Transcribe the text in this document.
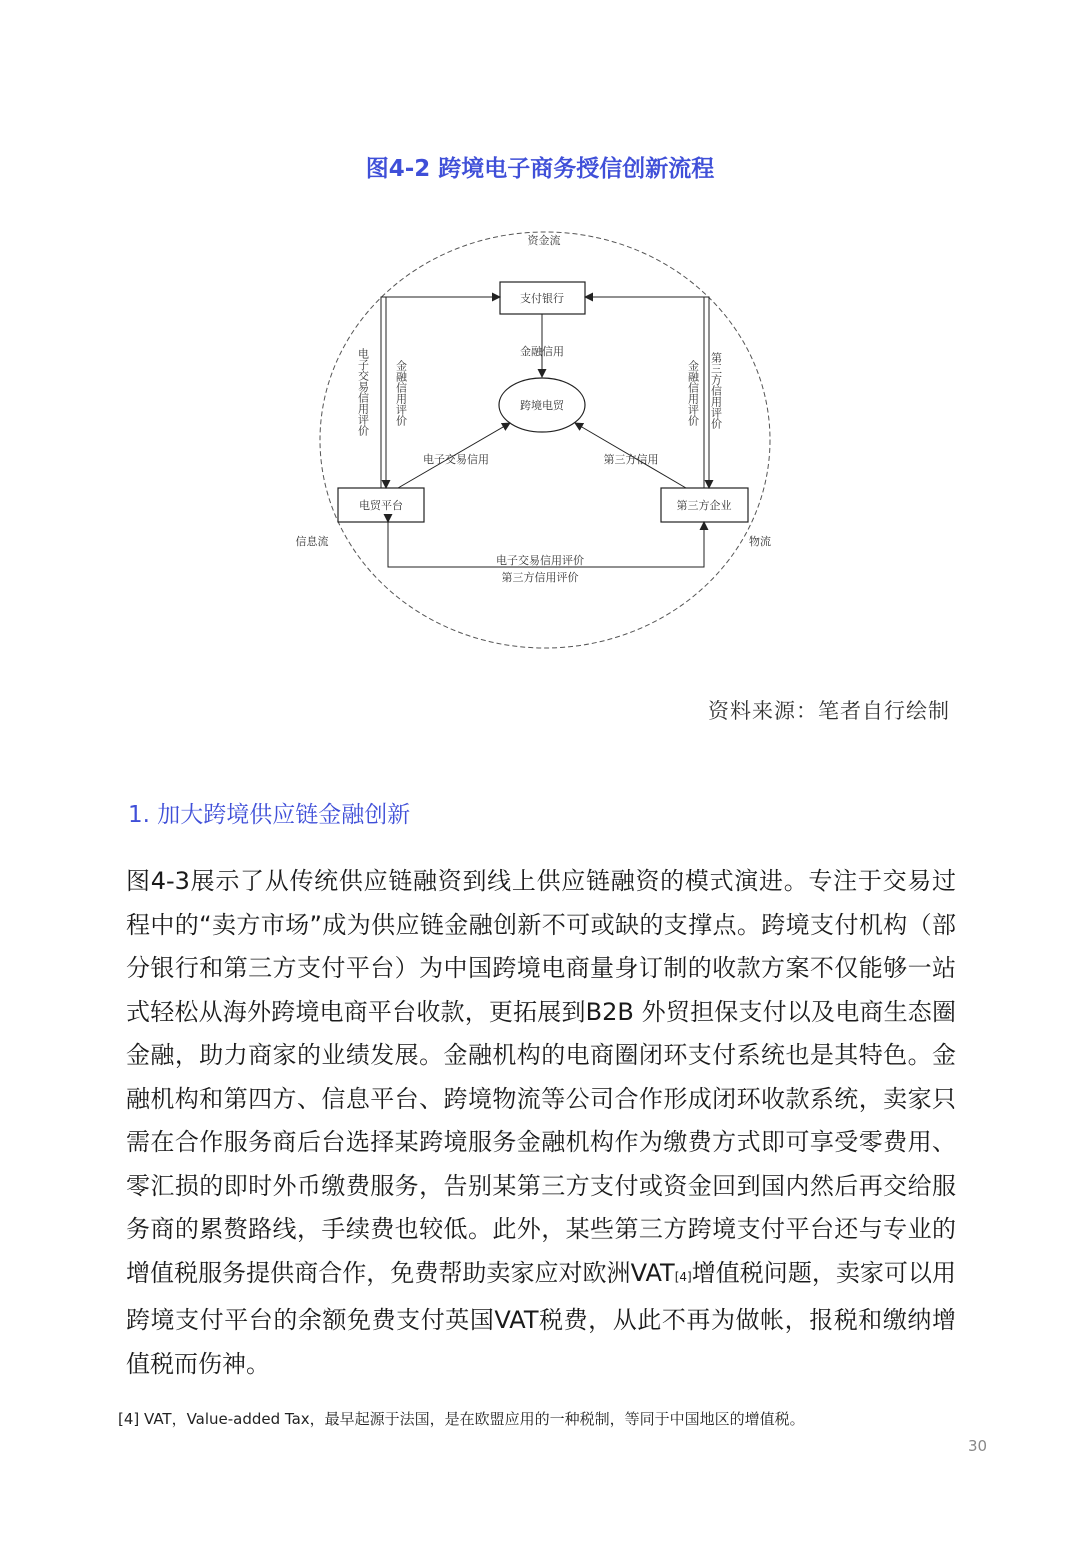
图4-2 跨境电子商务授信创新流程
支付银行
跨境电贸
电贸平台	第三方企业
资金流
信息流	物流
金融信用
电子交易信用	第三方信用
电子交易信用评价
第三方信用评价
电子交易信用评价 金融信用评价	金融信用评价 第三方信用评价
资料来源：笔者自行绘制
1. 加大跨境供应链金融创新
图4-3展示了从传统供应链融资到线上供应链融资的模式演进。专注于交易过程中的“卖方市场”成为供应链金融创新不可或缺的支撑点。跨境支付机构（部分银行和第三方支付平台）为中国跨境电商量身订制的收款方案不仅能够一站式轻松从海外跨境电商平台收款，更拓展到B2B 外贸担保支付以及电商生态圈金融，助力商家的业绩发展。金融机构的电商圈闭环支付系统也是其特色。金融机构和第四方、信息平台、跨境物流等公司合作形成闭环收款系统，卖家只需在合作服务商后台选择某跨境服务金融机构作为缴费方式即可享受零费用、零汇损的即时外币缴费服务，告别某第三方支付或资金回到国内然后再交给服务商的累赘路线，手续费也较低。此外，某些第三方跨境支付平台还与专业的增值税服务提供商合作，免费帮助卖家应对欧洲VAT[4]增值税问题，卖家可以用跨境支付平台的余额免费支付英国VAT税费，从此不再为做帐，报税和缴纳增值税而伤神。
[4] VAT，Value-added Tax，最早起源于法国，是在欧盟应用的一种税制，等同于中国地区的增值税。
30
